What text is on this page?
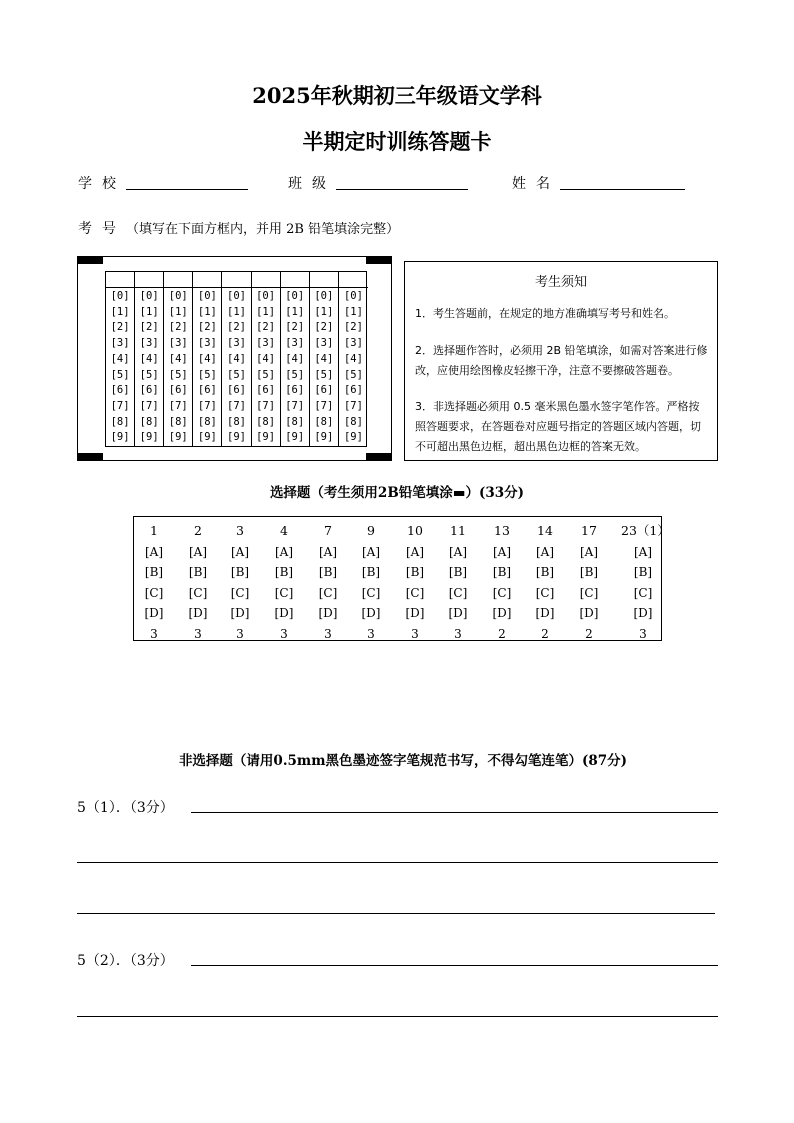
2025年秋期初三年级语文学科
半期定时训练答题卡
学校	班级	姓名
考号（填写在下面方框内，并用 2B 铅笔填涂完整）
[0]
[1]
[2]
[3]
[4]
[5]
[6]
[7]
[8]
[9]
[0]
[1]
[2]
[3]
[4]
[5]
[6]
[7]
[8]
[9]
[0]
[1]
[2]
[3]
[4]
[5]
[6]
[7]
[8]
[9]
[0]
[1]
[2]
[3]
[4]
[5]
[6]
[7]
[8]
[9]
[0]
[1]
[2]
[3]
[4]
[5]
[6]
[7]
[8]
[9]
[0]
[1]
[2]
[3]
[4]
[5]
[6]
[7]
[8]
[9]
[0]
[1]
[2]
[3]
[4]
[5]
[6]
[7]
[8]
[9]
[0]
[1]
[2]
[3]
[4]
[5]
[6]
[7]
[8]
[9]
[0]
[1]
[2]
[3]
[4]
[5]
[6]
[7]
[8]
[9]
考生须知

1．考生答题前，在规定的地方准确填写考号和姓名。

2．选择题作答时，必须用 2B 铅笔填涂，如需对答案进行修改，应使用绘图橡皮轻擦干净，注意不要擦破答题卷。

3．非选择题必须用 0.5 毫米黑色墨水签字笔作答。严格按照答题要求，在答题卷对应题号指定的答题区域内答题，切不可超出黑色边框，超出黑色边框的答案无效。

选择题（考生须用2B铅笔填涂▬）(33分)
1
[A]
[B]
[C]
[D]
3
2
[A]
[B]
[C]
[D]
3
3
[A]
[B]
[C]
[D]
3
4
[A]
[B]
[C]
[D]
3
7
[A]
[B]
[C]
[D]
3
9
[A]
[B]
[C]
[D]
3
10
[A]
[B]
[C]
[D]
3
11
[A]
[B]
[C]
[D]
3
13
[A]
[B]
[C]
[D]
2
14
[A]
[B]
[C]
[D]
2
17
[A]
[B]
[C]
[D]
2
23（1）
[A]
[B]
[C]
[D]
3
非选择题（请用0.5mm黑色墨迹签字笔规范书写，不得勾笔连笔）(87分)
5（1）．（3分）
5（2）．（3分）
